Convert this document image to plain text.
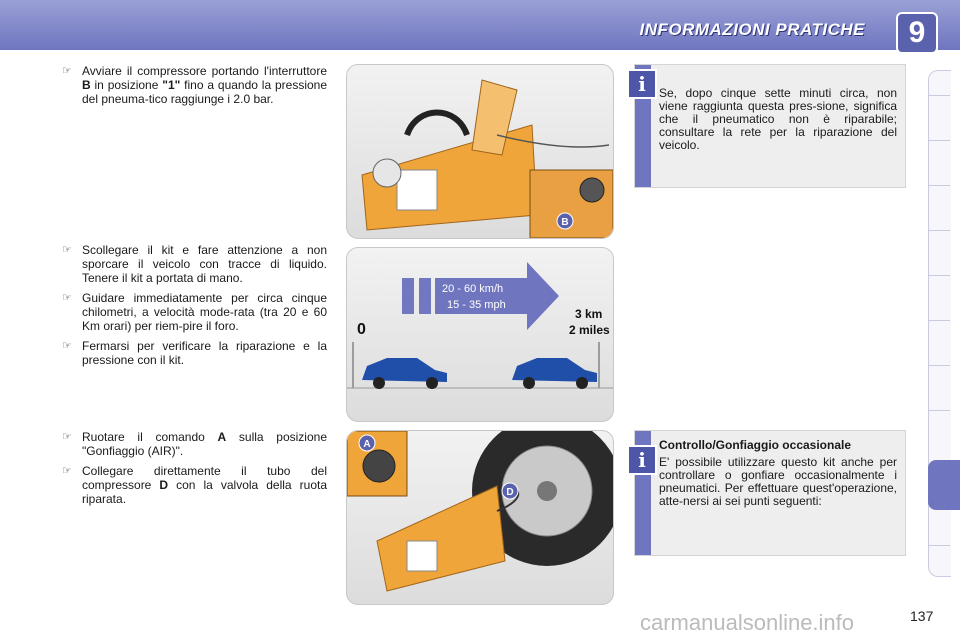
INFORMAZIONI PRATICHE	9
☞ Avviare il compressore portando l'interruttore B in posizione "1" fino a quando la pressione del pneuma-tico raggiunge i 2.0 bar.
☞ Scollegare il kit e fare attenzione a non sporcare il veicolo con tracce di liquido. Tenere il kit a portata di mano.
☞ Guidare immediatamente per circa cinque chilometri, a velocità mode-rata (tra 20 e 60 Km orari) per riem-pire il foro.
☞ Fermarsi per verificare la riparazione e la pressione con il kit.
☞ Ruotare il comando A sulla posizione "Gonfiaggio (AIR)".
☞ Collegare direttamente il tubo del compressore D con la valvola della ruota riparata.
B
20 - 60 km/h
15 - 35 mph
0
3 km
2 miles
A
D
i	Se, dopo cinque sette minuti circa, non viene raggiunta questa pres-sione, significa che il pneumatico non è riparabile; consultare la rete per la riparazione del veicolo.
i
Controllo/Gonfiaggio occasionale
E' possibile utilizzare questo kit anche per controllare o gonfiare occasionalmente i pneumatici. Per effettuare quest'operazione, atte-nersi ai sei punti seguenti:
carmanualsonline.info	137
